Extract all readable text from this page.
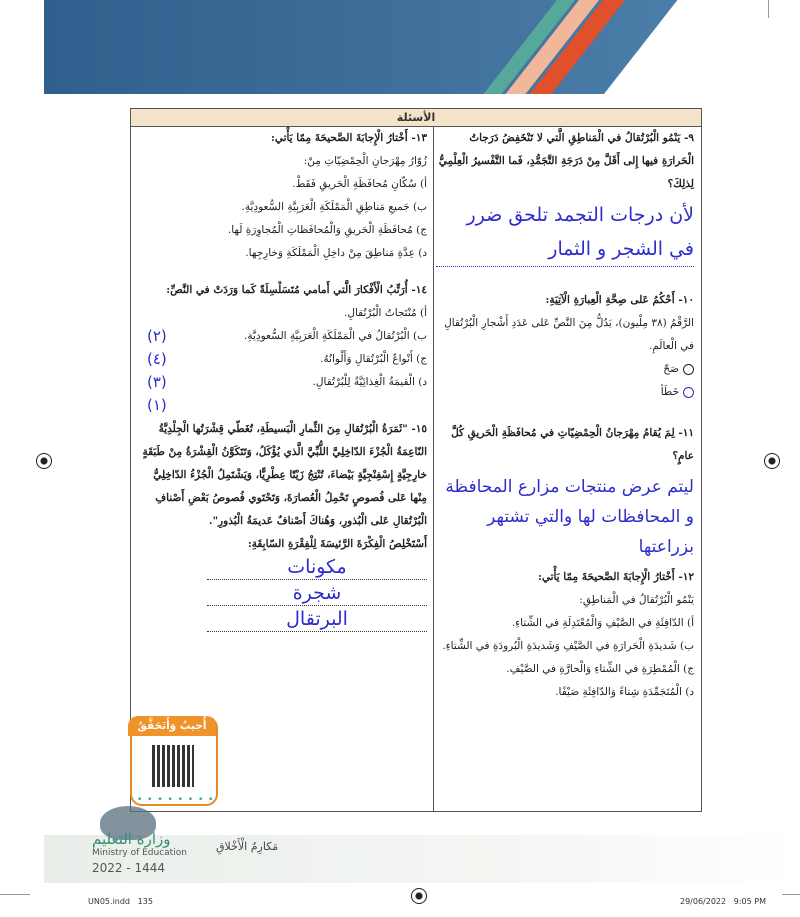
الأسئلة
٩- يَنْمُو الْبُرْتُقالُ في الْمَناطِقِ الَّتي لا تَنْخَفِضُ دَرَجاتُ الْحَرارَةِ فيها إِلى أَقَلَّ مِنْ دَرَجَةِ التَّجَمُّدِ، فَما التَّفْسيرُ الْعِلْمِيُّ لِذلِكَ؟
لأن درجات التجمد تلحق ضرر في الشجر و الثمار
١٠- أَحْكُمُ عَلى صِحَّةِ الْعِبارَةِ الْآتِيَةِ:
الرَّقْمُ (٣٨ مِلْيون)، يَدُلُّ مِنَ النَّصِّ عَلى عَدَدِ أَشْجارِ الْبُرْتُقالِ في الْعالَمِ.
صَحّ
خَطَأ
١١- لِمَ يُقامُ مِهْرَجانُ الْحِمْضِيّاتِ في مُحافَظَةِ الْحَريقِ كُلَّ عامٍ؟
ليتم عرض منتجات مزارع المحافظة و المحافظات لها والتي تشتهر بزراعتها
١٢- أَخْتارُ الْإِجابَةَ الصَّحيحَةَ مِمّا يَأْتي:
يَنْمُو الْبُرْتُقالُ في الْمَناطِقِ:
أ) الدّافِئَةِ في الصَّيْفِ وَالْمُعْتَدِلَةِ في الشِّتاءِ.
ب) شَديدَةِ الْحَرارَةِ في الصَّيْفِ وَشَديدَةِ الْبُرودَةِ في الشِّتاءِ.
ج) الْمُمْطِرَةِ في الشِّتاءِ وَالْحارَّةِ في الصَّيْفِ.
د) الْمُتَجَمِّدَةِ شِتاءً وَالدّافِئَةِ صَيْفًا.
١٣- أَخْتارُ الْإِجابَةَ الصَّحيحَةَ مِمّا يَأْتي:
زُوّارُ مِهْرَجانِ الْحِمْضِيّاتِ مِنْ:
أ) سُكّانِ مُحافَظَةِ الْحَريقِ فَقَطْ.
ب) جَميعِ مَناطِقِ الْمَمْلَكَةِ الْعَرَبِيَّةِ السُّعودِيَّةِ.
ج) مُحافَظَةِ الْحَريقِ وَالْمُحافَظاتِ الْمُجاوِرَةِ لَها.
د) عِدَّةِ مَناطِقَ مِنْ داخِلِ الْمَمْلَكَةِ وَخارِجِها.
١٤- أُرَتِّبُ الْأَفْكارَ الَّتي أَمامي مُتَسَلْسِلَةً كَما وَرَدَتْ في النَّصِّ:
أ) مُنْتَجاتُ الْبُرْتُقالِ.
ب) الْبُرْتُقالُ في الْمَمْلَكَةِ الْعَرَبِيَّةِ السُّعودِيَّةِ.
(٢)
ج) أَنْواعُ الْبُرْتُقالِ وَأَلْوانُهُ.
(٤)
د) الْقيمَةُ الْغِذائِيَّةُ لِلْبُرْتُقالِ.
(٣)
(١)
١٥- "ثَمَرَةُ الْبُرْتُقالِ مِنَ الثِّمارِ الْبَسيطَةِ، تُغَطّي قِشْرَتُها الْجِلْدِيَّةُ النّاعِمَةُ الْجُزْءَ الدّاخِلِيَّ اللُّبِّيَّ الَّذي يُؤْكَلُ، وَتَتَكَوَّنُ الْقِشْرَةُ مِنْ طَبَقَةٍ خارِجِيَّةٍ إِسْفِنْجِيَّةٍ بَيْضاءَ، تُنْتِجُ زَيْتًا عِطْرِيًّا، وَيَشْتَمِلُ الْجُزْءُ الدّاخِلِيُّ مِنْها عَلى فُصوصٍ تَحْمِلُ الْعُصارَةَ، وَتَحْتَوي فُصوصُ بَعْضِ أَصْنافِ الْبُرْتُقالِ عَلى الْبُذورِ، وَهُناكَ أَصْنافٌ عَديمَةُ الْبُذورِ".
أَسْتَخْلِصُ الْفِكْرَةَ الرَّئيسَةَ لِلْفِقْرَةِ السّابِقَةِ:
مكونات
شجرة
البرتقال
أُجيبُ وَأَتَحَقَّقُ
• • • • • • • •
وزارة التعليم
Ministry of Education
2022 - 1444
مَكارِمُ الْأَخْلاقِ
UN05.indd   135	29/06/2022   9:05 PM
